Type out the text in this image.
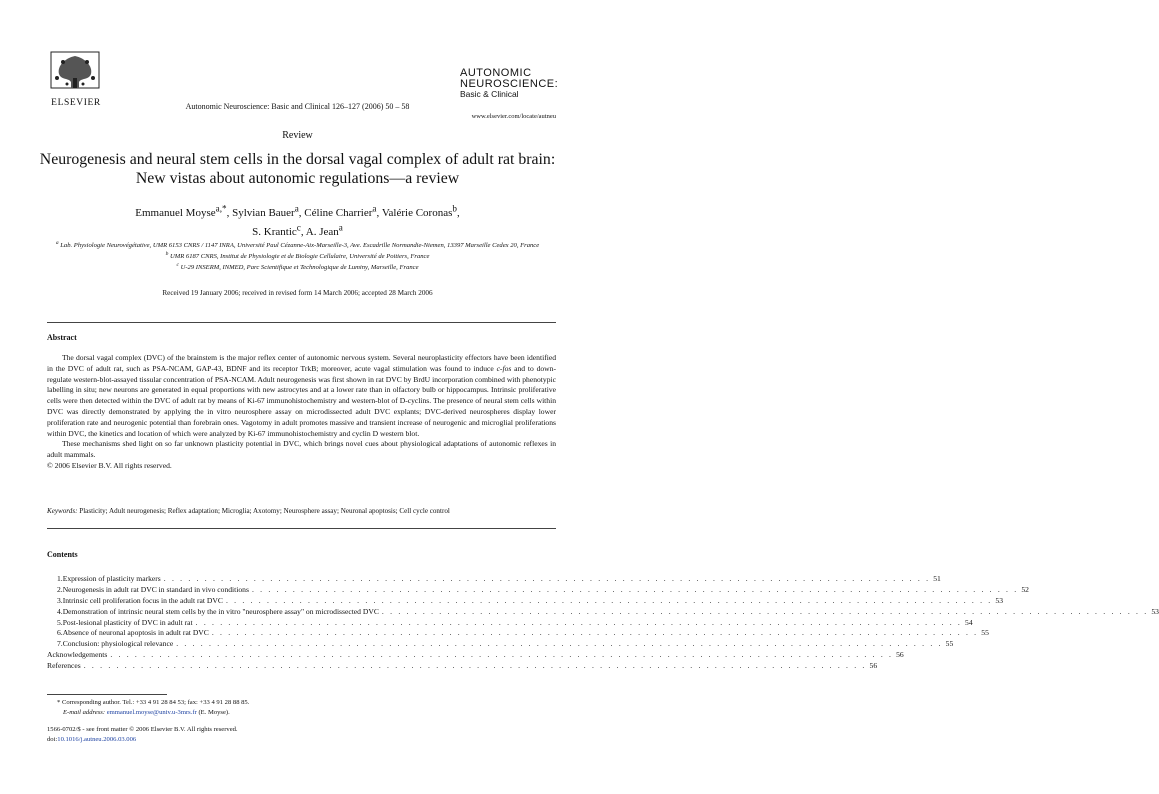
ELSEVIER	Autonomic Neuroscience: Basic and Clinical 126–127 (2006) 50 – 58
AUTONOMIC
NEUROSCIENCE:
Basic & Clinical
www.elsevier.com/locate/autneu
Review
Neurogenesis and neural stem cells in the dorsal vagal complex of adult rat brain: New vistas about autonomic regulations—a review
Emmanuel Moyse$^{a,*}$, Sylvian Bauer$^a$, Céline Charrier$^a$, Valérie Coronas$^b$,
S. Krantic$^c$, A. Jean$^a$
$^a$ Lab. Physiologie Neurovégétative, UMR 6153 CNRS / 1147 INRA, Université Paul Cézanne-Aix-Marseille-3, Ave. Escadrille Normandie-Niemen, 13397 Marseille Cedex 20, France
$^b$ UMR 6187 CNRS, Institut de Physiologie et de Biologie Cellulaire, Université de Poitiers, France
$^c$ U-29 INSERM, INMED, Parc Scientifique et Technologique de Luminy, Marseille, France
Received 19 January 2006; received in revised form 14 March 2006; accepted 28 March 2006
Abstract

The dorsal vagal complex (DVC) of the brainstem is the major reflex center of autonomic nervous system. Several neuroplasticity effectors have been identified in the DVC of adult rat, such as PSA-NCAM, GAP-43, BDNF and its receptor TrkB; moreover, acute vagal stimulation was found to induce c-fos and to down-regulate western-blot-assayed tissular concentration of PSA-NCAM. Adult neurogenesis was first shown in rat DVC by BrdU incorporation combined with phenotypic labelling in situ; new neurons are generated in equal proportions with new astrocytes and at a lower rate than in olfactory bulb or hippocampus. Intrinsic proliferative cells were then detected within the DVC of adult rat by means of Ki-67 immunohistochemistry and western-blot of D-cyclins. The presence of neural stem cells within DVC was directly demonstrated by applying the in vitro neurosphere assay on microdissected adult DVC explants; DVC-derived neurospheres display lower proliferation rate and neurogenic potential than forebrain ones. Vagotomy in adult promotes massive and transient increase of neurogenic and microglial proliferations within DVC, the kinetics and location of which were analyzed by Ki-67 immunohistochemistry and cyclin D western blot.

These mechanisms shed light on so far unknown plasticity potential in DVC, which brings novel cues about physiological adaptations of autonomic reflexes in adult mammals.

© 2006 Elsevier B.V. All rights reserved.

Keywords: Plasticity; Adult neurogenesis; Reflex adaptation; Microglia; Axotomy; Neurosphere assay; Neuronal apoptosis; Cell cycle control
Contents
1. Expression of plasticity markers . . . . . . . . . . . . . . . . . . . . . . . . . . . . . . . . . . . . . . . . . . . . . . . . . . . . . . . . . . . . . . . . . . . . . . . . . . . . . . . . . . . . . . . . . . . . . . 51
2. Neurogenesis in adult rat DVC in standard in vivo conditions . . . . . . . . . . . . . . . . . . . . . . . . . . . . . . . . . . . . . . . . . . . . . . . . . . . . . . . . . . . . . . . . . . . . . . . . . . . . . . . . . . . . . . . . . . . . . . 52
3. Intrinsic cell proliferation focus in the adult rat DVC . . . . . . . . . . . . . . . . . . . . . . . . . . . . . . . . . . . . . . . . . . . . . . . . . . . . . . . . . . . . . . . . . . . . . . . . . . . . . . . . . . . . . . . . . . . . . . 53
4. Demonstration of intrinsic neural stem cells by the in vitro "neurosphere assay" on microdissected DVC . . . . . . . . . . . . . . . . . . . . . . . . . . . . . . . . . . . . . . . . . . . . . . . . . . . . . . . . . . . . . . . . . . . . . . . . . . . . . . . . . . . . . . . . . . . . . . 53
5. Post-lesional plasticity of DVC in adult rat . . . . . . . . . . . . . . . . . . . . . . . . . . . . . . . . . . . . . . . . . . . . . . . . . . . . . . . . . . . . . . . . . . . . . . . . . . . . . . . . . . . . . . . . . . . . . . 54
6. Absence of neuronal apoptosis in adult rat DVC . . . . . . . . . . . . . . . . . . . . . . . . . . . . . . . . . . . . . . . . . . . . . . . . . . . . . . . . . . . . . . . . . . . . . . . . . . . . . . . . . . . . . . . . . . . . . . 55
7. Conclusion: physiological relevance . . . . . . . . . . . . . . . . . . . . . . . . . . . . . . . . . . . . . . . . . . . . . . . . . . . . . . . . . . . . . . . . . . . . . . . . . . . . . . . . . . . . . . . . . . . . . . 55
Acknowledgements . . . . . . . . . . . . . . . . . . . . . . . . . . . . . . . . . . . . . . . . . . . . . . . . . . . . . . . . . . . . . . . . . . . . . . . . . . . . . . . . . . . . . . . . . . . . . . . . 56
References . . . . . . . . . . . . . . . . . . . . . . . . . . . . . . . . . . . . . . . . . . . . . . . . . . . . . . . . . . . . . . . . . . . . . . . . . . . . . . . . . . . . . . . . . . . . . . . . 56
* Corresponding author. Tel.: +33 4 91 28 84 53; fax: +33 4 91 28 88 85.
E-mail address: emmanuel.moyse@univ.u-3mrs.fr (E. Moyse).
1566-0702/$ - see front matter © 2006 Elsevier B.V. All rights reserved.
doi:10.1016/j.autneu.2006.03.006
